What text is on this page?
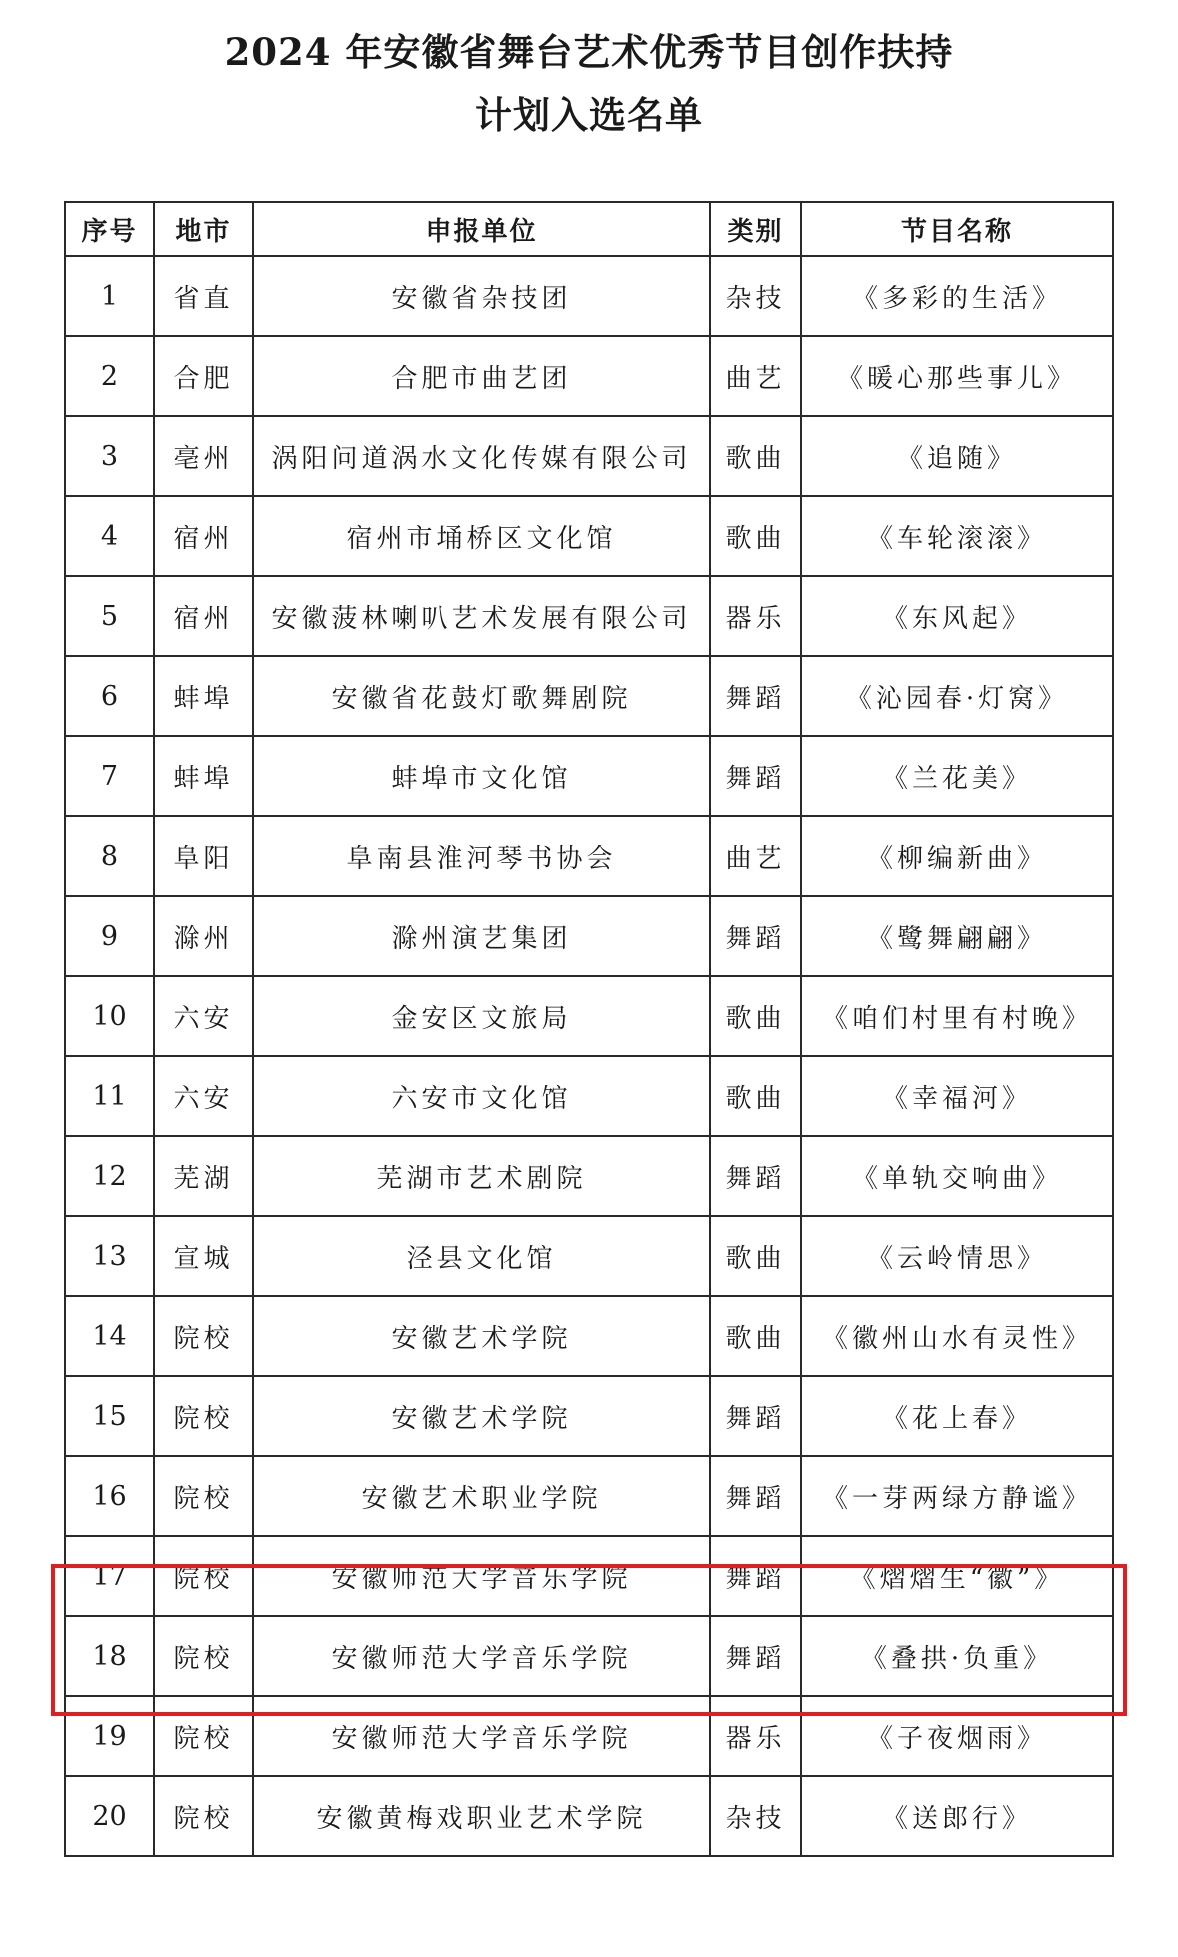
2024 年安徽省舞台艺术优秀节目创作扶持
计划入选名单
序号	地市	申报单位	类别	节目名称
1	省直	安徽省杂技团	杂技	《多彩的生活》
2	合肥	合肥市曲艺团	曲艺	《暖心那些事儿》
3	亳州	涡阳问道涡水文化传媒有限公司	歌曲	《追随》
4	宿州	宿州市埇桥区文化馆	歌曲	《车轮滚滚》
5	宿州	安徽菠林喇叭艺术发展有限公司	器乐	《东风起》
6	蚌埠	安徽省花鼓灯歌舞剧院	舞蹈	《沁园春·灯窝》
7	蚌埠	蚌埠市文化馆	舞蹈	《兰花美》
8	阜阳	阜南县淮河琴书协会	曲艺	《柳编新曲》
9	滁州	滁州演艺集团	舞蹈	《鹭舞翩翩》
10	六安	金安区文旅局	歌曲	《咱们村里有村晚》
11	六安	六安市文化馆	歌曲	《幸福河》
12	芜湖	芜湖市艺术剧院	舞蹈	《单轨交响曲》
13	宣城	泾县文化馆	歌曲	《云岭情思》
14	院校	安徽艺术学院	歌曲	《徽州山水有灵性》
15	院校	安徽艺术学院	舞蹈	《花上春》
16	院校	安徽艺术职业学院	舞蹈	《一芽两绿方静谧》
17	院校	安徽师范大学音乐学院	舞蹈	《熠熠生“徽”》
18	院校	安徽师范大学音乐学院	舞蹈	《叠拱·负重》
19	院校	安徽师范大学音乐学院	器乐	《子夜烟雨》
20	院校	安徽黄梅戏职业艺术学院	杂技	《送郎行》
